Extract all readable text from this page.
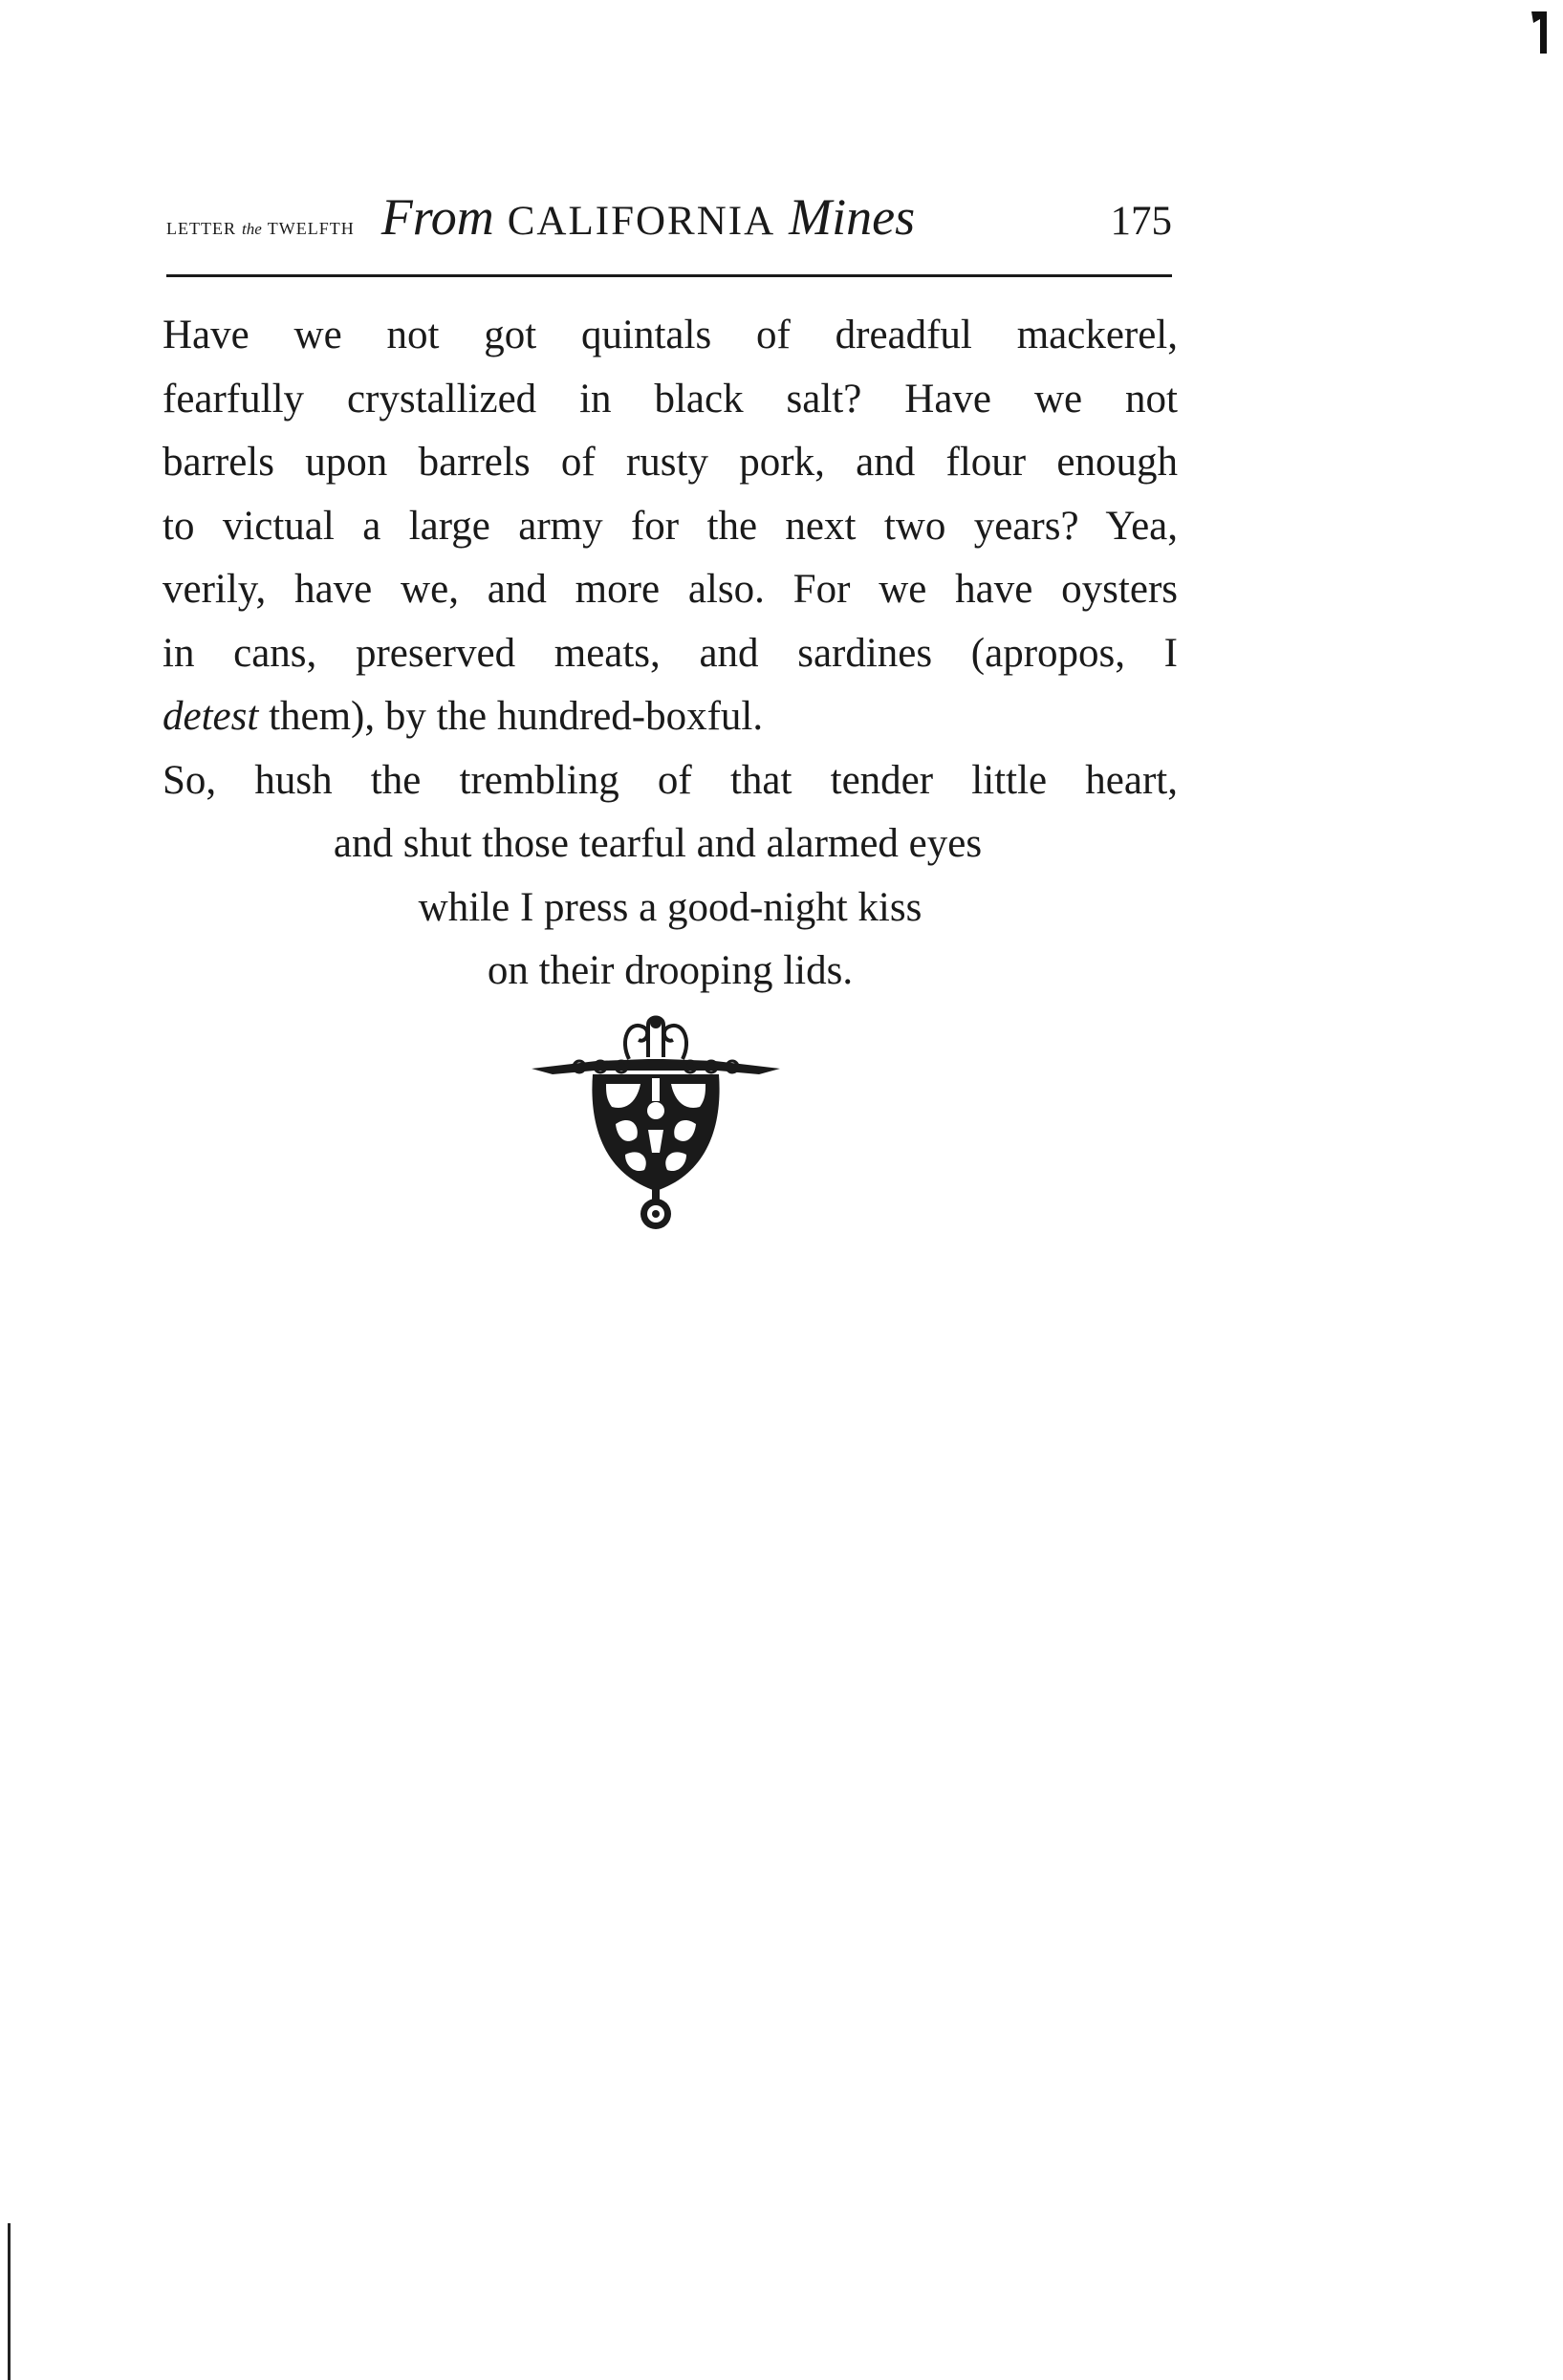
LETTER the TWELFTH From CALIFORNIA Mines	175
Have we not got quintals of dreadful mackerel,
fearfully crystallized in black salt? Have we not
barrels upon barrels of rusty pork, and flour enough
to victual a large army for the next two years? Yea,
verily, have we, and more also. For we have oysters
in cans, preserved meats, and sardines (apropos, I
detest them), by the hundred-boxful.
So, hush the trembling of that tender little heart,
and shut those tearful and alarmed eyes
while I press a good-night kiss
on their drooping lids.
